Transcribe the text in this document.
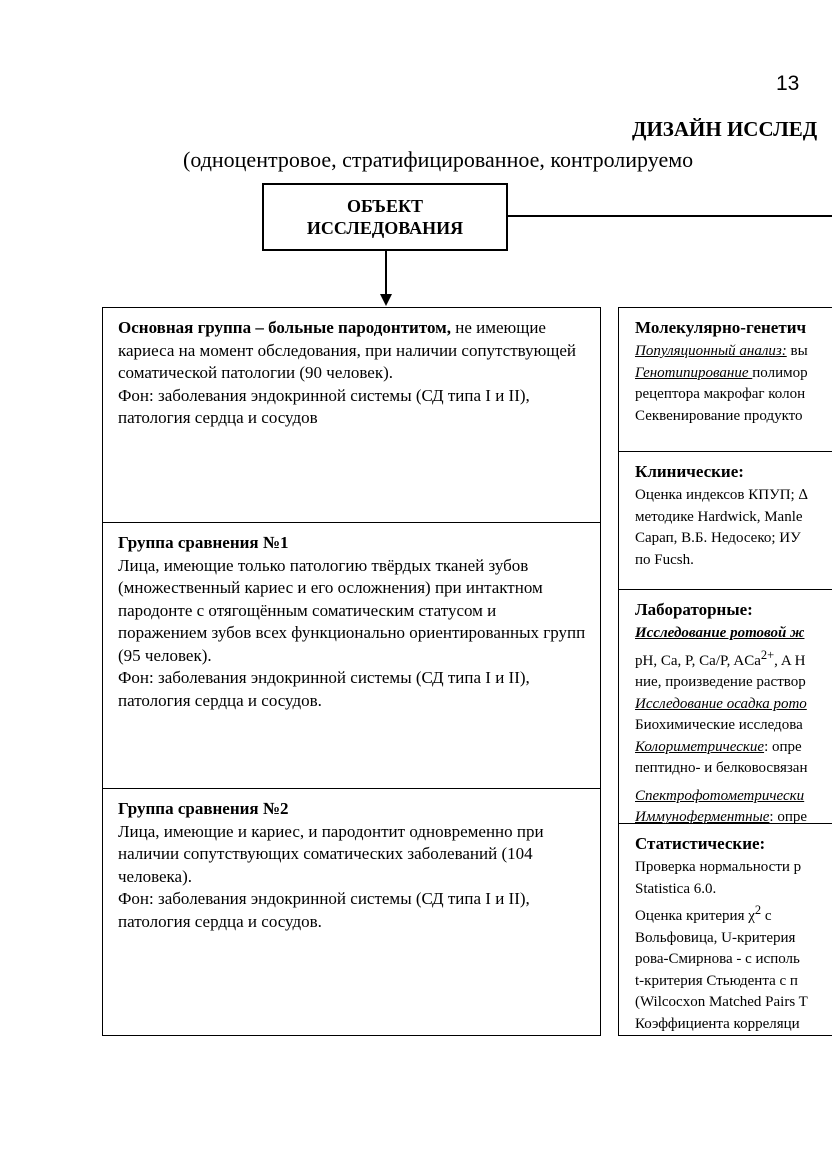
13
ДИЗАЙН ИССЛЕД
(одноцентровое, стратифицированное, контролируемо
ОБЪЕКТ
ИССЛЕДОВАНИЯ
Основная группа – больные пародонтитом, не имеющие кариеса на момент обследования, при наличии сопутствующей соматической патологии (90 человек).
Фон: заболевания эндокринной системы (СД типа I и II), патология сердца и сосудов
Группа сравнения №1
Лица, имеющие только патологию твёрдых тканей зубов (множественный кариес и его осложнения) при интактном пародонте с отягощённым соматическим статусом и поражением зубов всех функционально ориентированных групп (95 человек).
Фон: заболевания эндокринной системы (СД типа I и II), патология сердца и сосудов.
Группа сравнения №2
Лица, имеющие и кариес, и пародонтит одновременно при наличии сопутствующих соматических заболеваний (104 человека).
Фон: заболевания эндокринной системы (СД типа I и II), патология сердца и сосудов.
Молекулярно-генетич
Популяционный анализ: вы
Генотипирование полимор
рецептора макрофаг колон
Секвенирование продукто
Клинические:
Оценка индексов КПУП; ∆
методике Hardwick, Manle
Сарап, В.Б. Недосеко; ИУ
по Fucsh.
Лабораторные:
Исследование ротовой ж
pH, Ca, P, Ca/P, ACa$^{2+}$, A H
ние, произведение раствор
Исследование осадка рото
Биохимические исследова
Колориметрические: опре
пептидно- и белковосвязан
Спектрофотометрически
Иммуноферментные: опре
Статистические:
Проверка нормальности р
Statistica 6.0.
Оценка критерия $\chi^2$ с
Вольфовица, U-критерия
рова-Смирнова - с исполь
t-критерия Стьюдента с п
(Wilcocxon Matched Pairs T
Коэффициента корреляци
